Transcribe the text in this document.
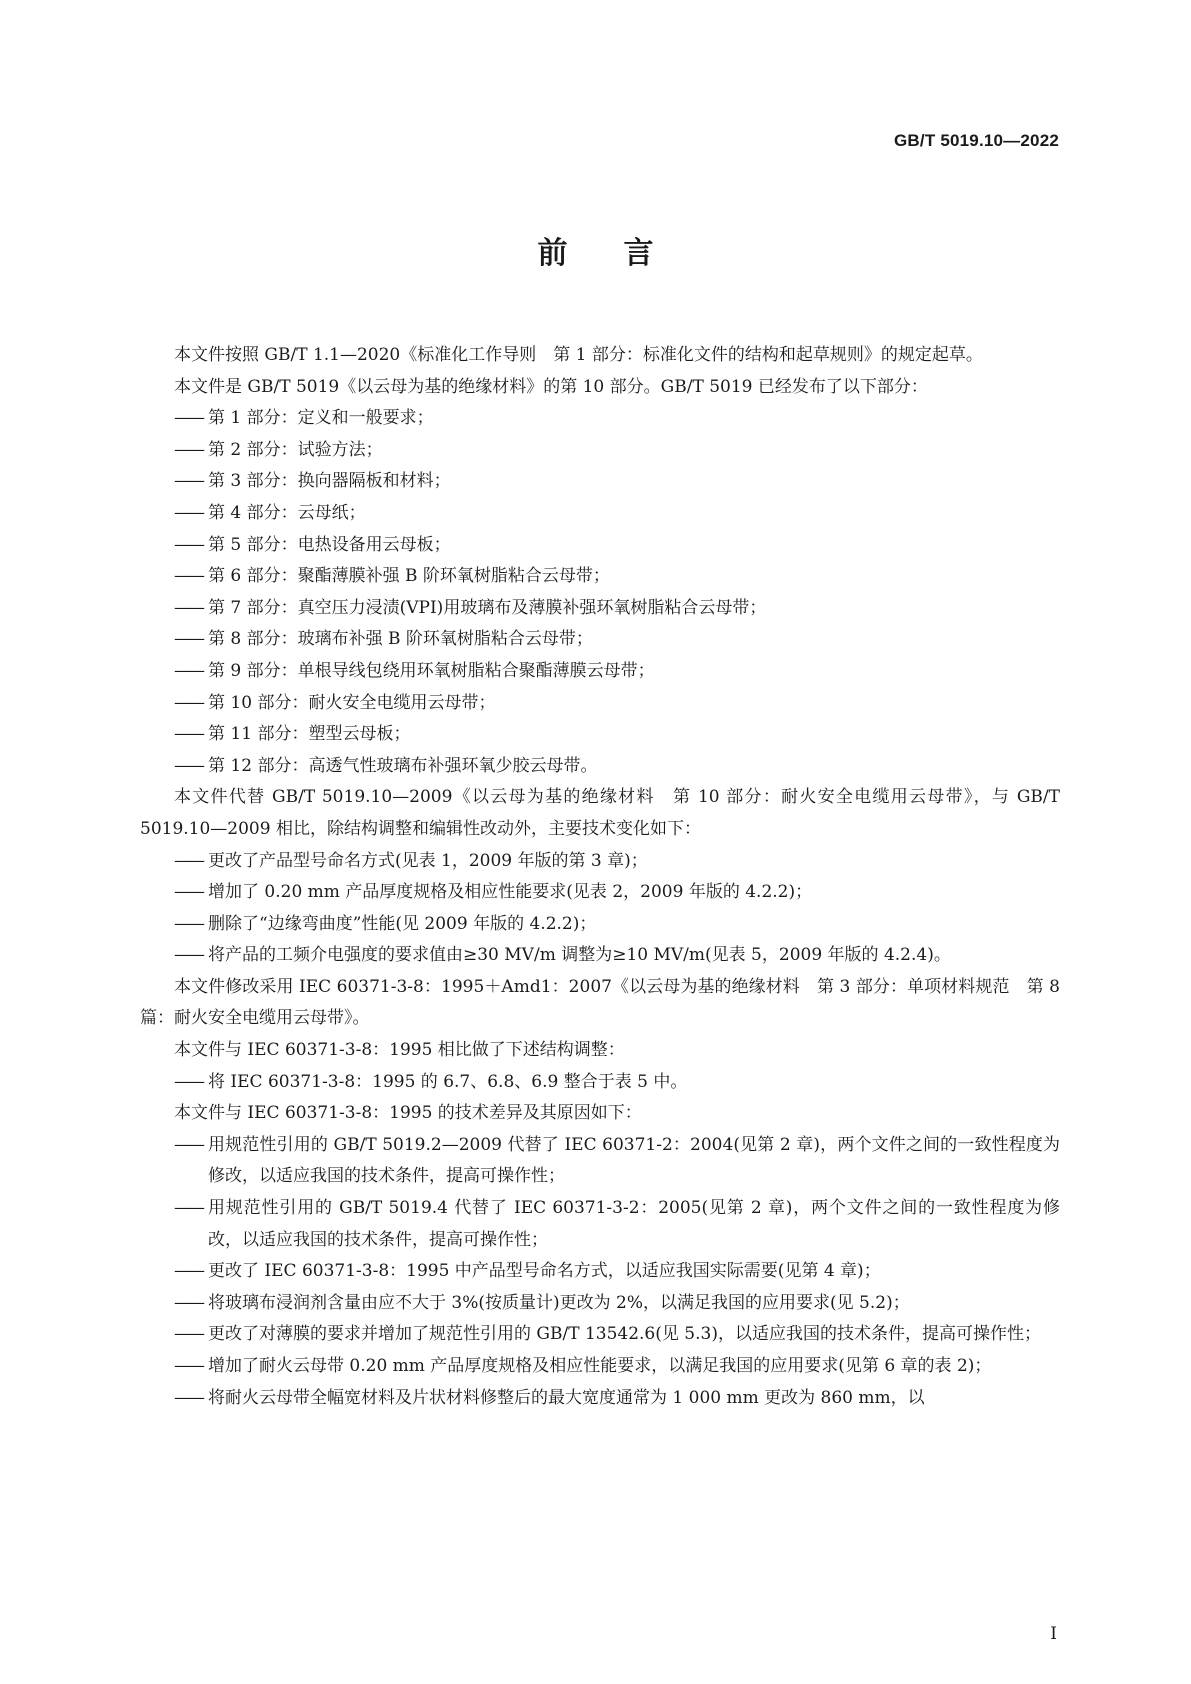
GB/T 5019.10—2022
前言

本文件按照 GB/T 1.1—2020《标准化工作导则　第 1 部分：标准化文件的结构和起草规则》的规定起草。

本文件是 GB/T 5019《以云母为基的绝缘材料》的第 10 部分。GB/T 5019 已经发布了以下部分：

—— 第 1 部分：定义和一般要求；

—— 第 2 部分：试验方法；

—— 第 3 部分：换向器隔板和材料；

—— 第 4 部分：云母纸；

—— 第 5 部分：电热设备用云母板；

—— 第 6 部分：聚酯薄膜补强 B 阶环氧树脂粘合云母带；

—— 第 7 部分：真空压力浸渍(VPI)用玻璃布及薄膜补强环氧树脂粘合云母带；

—— 第 8 部分：玻璃布补强 B 阶环氧树脂粘合云母带；

—— 第 9 部分：单根导线包绕用环氧树脂粘合聚酯薄膜云母带；

—— 第 10 部分：耐火安全电缆用云母带；

—— 第 11 部分：塑型云母板；

—— 第 12 部分：高透气性玻璃布补强环氧少胶云母带。

本文件代替 GB/T 5019.10—2009《以云母为基的绝缘材料　第 10 部分：耐火安全电缆用云母带》，与 GB/T 5019.10—2009 相比，除结构调整和编辑性改动外，主要技术变化如下：

—— 更改了产品型号命名方式(见表 1，2009 年版的第 3 章)；

—— 增加了 0.20 mm 产品厚度规格及相应性能要求(见表 2，2009 年版的 4.2.2)；

—— 删除了“边缘弯曲度”性能(见 2009 年版的 4.2.2)；

—— 将产品的工频介电强度的要求值由≥30 MV/m 调整为≥10 MV/m(见表 5，2009 年版的 4.2.4)。

本文件修改采用 IEC 60371-3-8：1995＋Amd1：2007《以云母为基的绝缘材料　第 3 部分：单项材料规范　第 8 篇：耐火安全电缆用云母带》。

本文件与 IEC 60371-3-8：1995 相比做了下述结构调整：

—— 将 IEC 60371-3-8：1995 的 6.7、6.8、6.9 整合于表 5 中。

本文件与 IEC 60371-3-8：1995 的技术差异及其原因如下：

—— 用规范性引用的 GB/T 5019.2—2009 代替了 IEC 60371-2：2004(见第 2 章)，两个文件之间的一致性程度为修改，以适应我国的技术条件，提高可操作性；

—— 用规范性引用的 GB/T 5019.4 代替了 IEC 60371-3-2：2005(见第 2 章)，两个文件之间的一致性程度为修改，以适应我国的技术条件，提高可操作性；

—— 更改了 IEC 60371-3-8：1995 中产品型号命名方式，以适应我国实际需要(见第 4 章)；

—— 将玻璃布浸润剂含量由应不大于 3%(按质量计)更改为 2%，以满足我国的应用要求(见 5.2)；

—— 更改了对薄膜的要求并增加了规范性引用的 GB/T 13542.6(见 5.3)，以适应我国的技术条件，提高可操作性；

—— 增加了耐火云母带 0.20 mm 产品厚度规格及相应性能要求，以满足我国的应用要求(见第 6 章的表 2)；

—— 将耐火云母带全幅宽材料及片状材料修整后的最大宽度通常为 1 000 mm 更改为 860 mm，以

I
